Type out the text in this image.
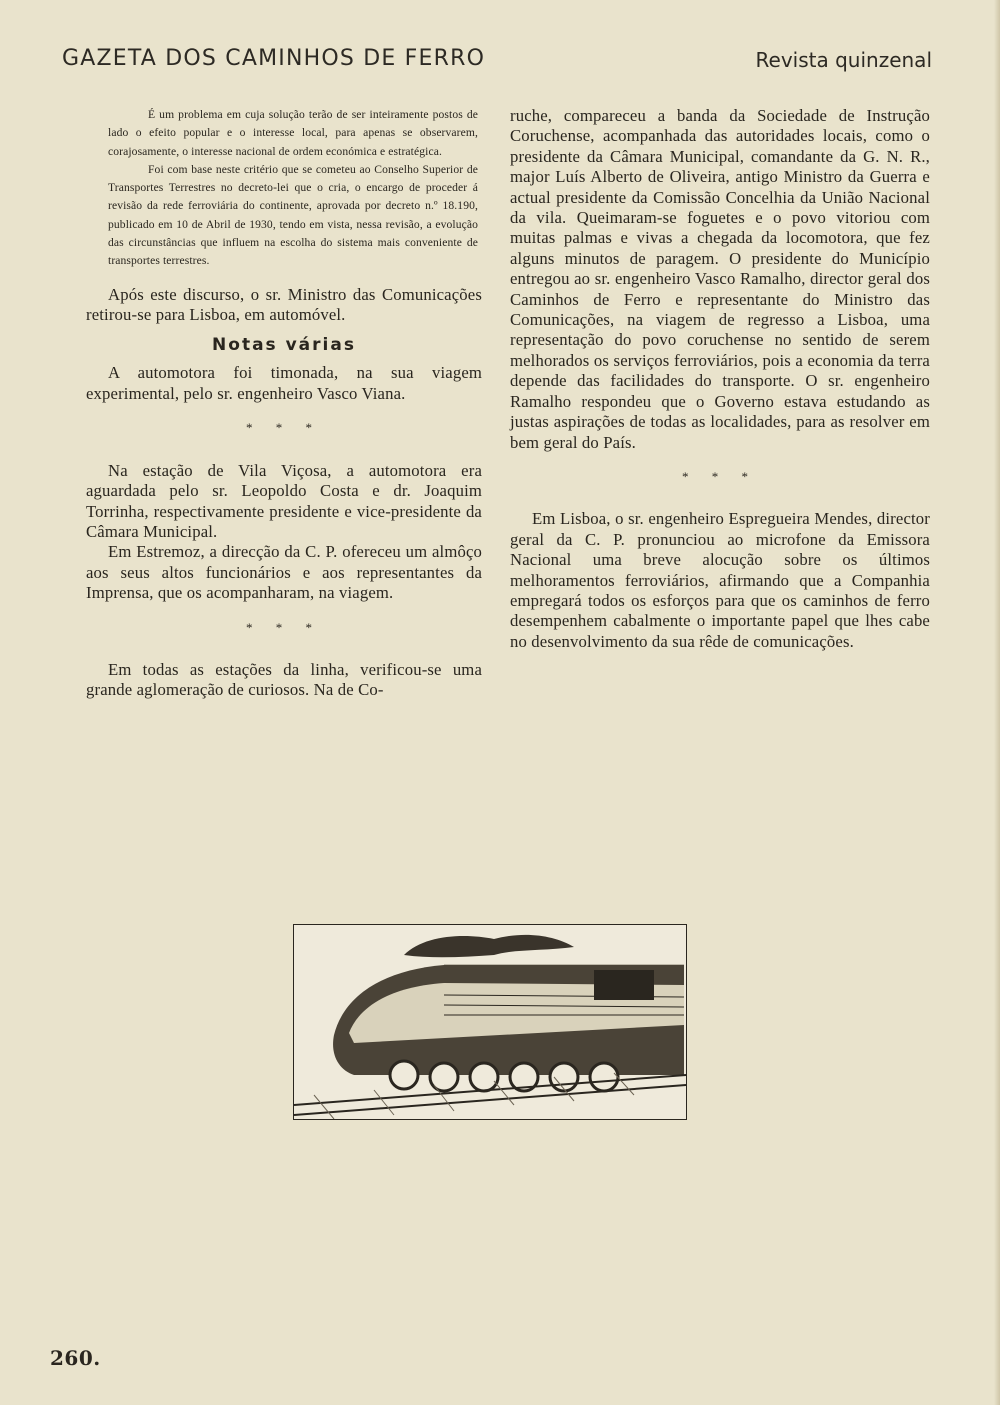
GAZETA DOS CAMINHOS DE FERRO	Revista quinzenal

É um problema em cuja solução terão de ser inteiramente postos de lado o efeito popular e o interesse local, para apenas se observarem, corajosamente, o interesse nacional de ordem económica e estratégica.

Foi com base neste critério que se cometeu ao Conselho Superior de Transportes Terrestres no decreto-lei que o cria, o encargo de proceder á revisão da rede ferroviária do continente, aprovada por decreto n.º 18.190, publicado em 10 de Abril de 1930, tendo em vista, nessa revisão, a evolução das circunstâncias que influem na escolha do sistema mais conveniente de transportes terrestres.

Após este discurso, o sr. Ministro das Comunicações retirou-se para Lisboa, em automóvel.

Notas várias

A automotora foi timonada, na sua viagem experimental, pelo sr. engenheiro Vasco Viana.

* * *

Na estação de Vila Viçosa, a automotora era aguardada pelo sr. Leopoldo Costa e dr. Joaquim Torrinha, respectivamente presidente e vice-presidente da Câmara Municipal.

Em Estremoz, a direcção da C. P. ofereceu um almôço aos seus altos funcionários e aos representantes da Imprensa, que os acompanharam, na viagem.

* * *

Em todas as estações da linha, verificou-se uma grande aglomeração de curiosos. Na de Co-

ruche, compareceu a banda da Sociedade de Instrução Coruchense, acompanhada das autoridades locais, como o presidente da Câmara Municipal, comandante da G. N. R., major Luís Alberto de Oliveira, antigo Ministro da Guerra e actual presidente da Comissão Concelhia da União Nacional da vila. Queimaram-se foguetes e o povo vitoriou com muitas palmas e vivas a chegada da locomotora, que fez alguns minutos de paragem. O presidente do Município entregou ao sr. engenheiro Vasco Ramalho, director geral dos Caminhos de Ferro e representante do Ministro das Comunicações, na viagem de regresso a Lisboa, uma representação do povo coruchense no sentido de serem melhorados os serviços ferroviários, pois a economia da terra depende das facilidades do transporte. O sr. engenheiro Ramalho respondeu que o Governo estava estudando as justas aspirações de todas as localidades, para as resolver em bem geral do País.

* * *

Em Lisboa, o sr. engenheiro Espregueira Mendes, director geral da C. P. pronunciou ao microfone da Emissora Nacional uma breve alocução sobre os últimos melhoramentos ferroviários, afirmando que a Companhia empregará todos os esforços para que os caminhos de ferro desempenhem cabalmente o importante papel que lhes cabe no desenvolvimento da sua rêde de comunicações.

260.
